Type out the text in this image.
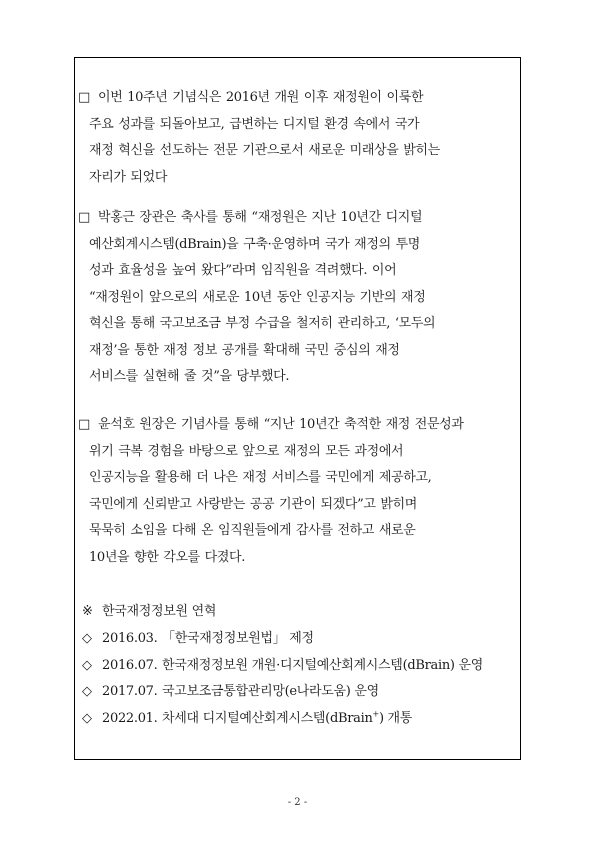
□ 이번 10주년 기념식은 2016년 개원 이후 재정원이 이룩한
주요 성과를 되돌아보고, 급변하는 디지털 환경 속에서 국가
재정 혁신을 선도하는 전문 기관으로서 새로운 미래상을 밝히는
자리가 되었다
□ 박홍근 장관은 축사를 통해 “재정원은 지난 10년간 디지털
예산회계시스템(dBrain)을 구축·운영하며 국가 재정의 투명
성과 효율성을 높여 왔다”라며 임직원을 격려했다. 이어
“재정원이 앞으로의 새로운 10년 동안 인공지능 기반의 재정
혁신을 통해 국고보조금 부정 수급을 철저히 관리하고, ‘모두의
재정’을 통한 재정 정보 공개를 확대해 국민 중심의 재정
서비스를 실현해 줄 것”을 당부했다.
□ 윤석호 원장은 기념사를 통해 “지난 10년간 축적한 재정 전문성과
위기 극복 경험을 바탕으로 앞으로 재정의 모든 과정에서
인공지능을 활용해 더 나은 재정 서비스를 국민에게 제공하고,
국민에게 신뢰받고 사랑받는 공공 기관이 되겠다”고 밝히며
묵묵히 소임을 다해 온 임직원들에게 감사를 전하고 새로운
10년을 향한 각오를 다졌다.
※ 한국재정정보원 연혁
◇ 2016.03. 「한국재정정보원법」 제정
◇ 2016.07. 한국재정정보원 개원·디지털예산회계시스템(dBrain) 운영
◇ 2017.07. 국고보조금통합관리망(e나라도움) 운영
◇ 2022.01. 차세대 디지털예산회계시스템(dBrain+) 개통
- 2 -
